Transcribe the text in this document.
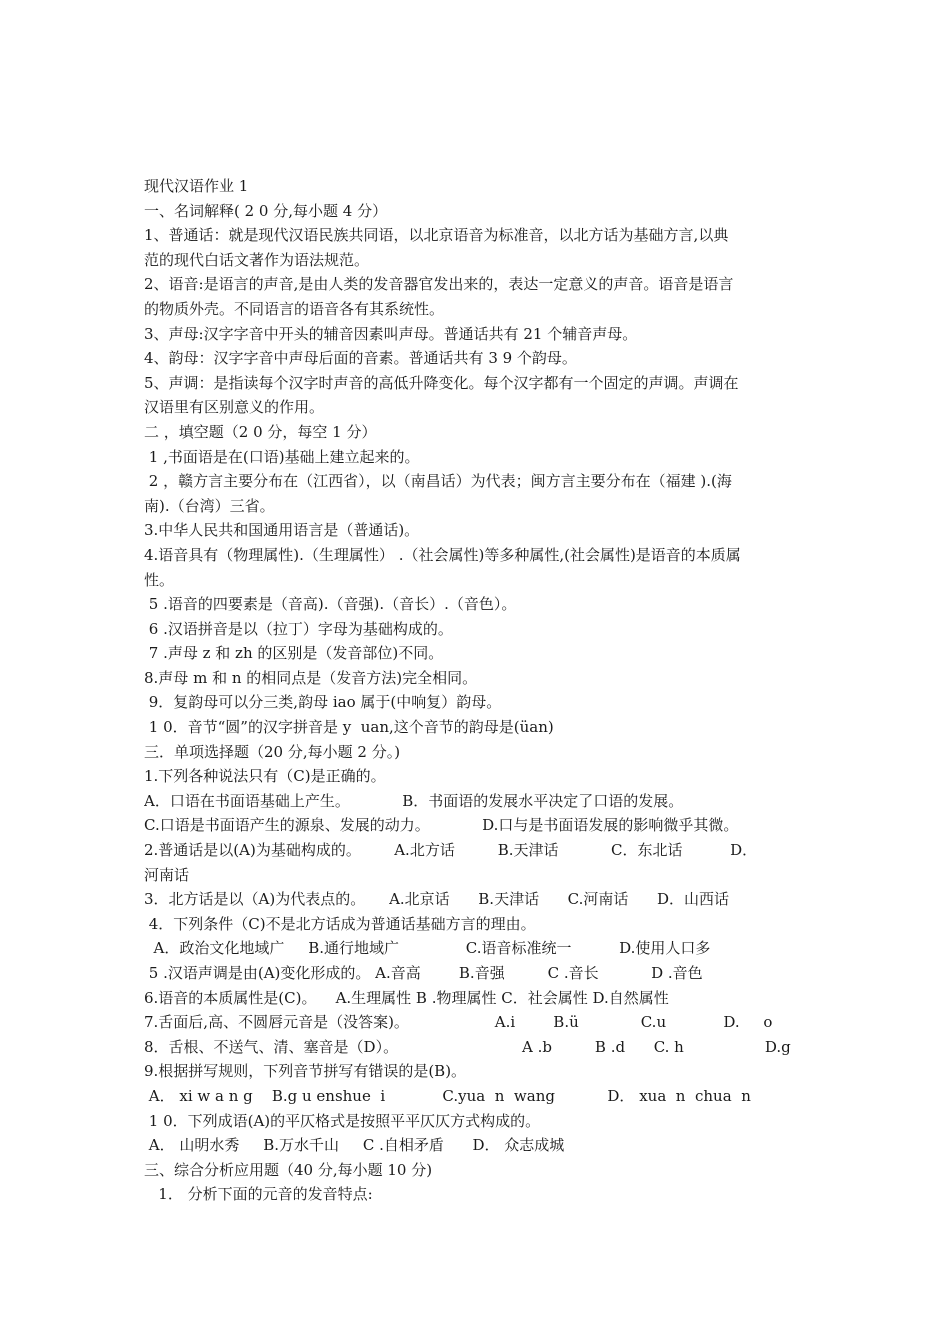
现代汉语作业 1
一、名词解释( 2 0 分,每小题 4 分）
1、普通话：就是现代汉语民族共同语，以北京语音为标准音，以北方话为基础方言,以典
范的现代白话文著作为语法规范。
2、语音:是语言的声音,是由人类的发音器官发出来的，表达一定意义的声音。语音是语言
的物质外壳。不同语言的语音各有其系统性。
3、声母:汉字字音中开头的辅音因素叫声母。普通话共有 21 个辅音声母。
4、韵母：汉字字音中声母后面的音素。普通话共有 3 9 个韵母。
5、声调：是指读每个汉字时声音的高低升降变化。每个汉字都有一个固定的声调。声调在
汉语里有区别意义的作用。
二 ，填空题（2 0 分，每空 1 分）
1 ,书面语是在(口语)基础上建立起来的。
2 ，赣方言主要分布在（江西省），以（南昌话）为代表；闽方言主要分布在（福建 ).(海
南).（台湾）三省。
3.中华人民共和国通用语言是（普通话)。
4.语音具有（物理属性).（生理属性） .（社会属性)等多种属性,(社会属性)是语音的本质属
性。
5 .语音的四要素是（音高).（音强).（音长）.（音色）。
6 .汉语拼音是以（拉丁）字母为基础构成的。
7 .声母 z 和 zh 的区别是（发音部位)不同。
8.声母 m 和 n 的相同点是（发音方法)完全相同。
9．复韵母可以分三类,韵母 iao 属于(中响复）韵母。
1 0．音节“圆”的汉字拼音是 y  uan,这个音节的韵母是(üan)
三．单项选择题（20 分,每小题 2 分。)
1.下列各种说法只有（C)是正确的。
A．口语在书面语基础上产生。           B．书面语的发展水平决定了口语的发展。
C.口语是书面语产生的源泉、发展的动力。           D.口与是书面语发展的影响微乎其微。
2.普通话是以(A)为基础构成的。       A.北方话         B.天津话           C．东北话          D．
河南话
3．北方话是以（A)为代表点的。     A.北京话      B.天津话      C.河南话      D．山西话
4．下列条件（C)不是北方话成为普通话基础方言的理由。
A．政治文化地域广     B.通行地域广              C.语音标准统一          D.使用人口多
5 .汉语声调是由(A)变化形成的。 A.音高        B.音强         C .音长           D .音色
6.语音的本质属性是(C)。    A.生理属性 B .物理属性 C．社会属性 D.自然属性
7.舌面后,高、不圆唇元音是（没答案)。                  A.i        B.ü             C.u            D.     o
8．舌根、不送气、清、塞音是（D）。                          A .b         B .d      C. h                 D.g
9.根据拼写规则，下列音节拼写有错误的是(B)。
A． xi w a n g    B.g u enshue  i            C.yua  n  wang           D． xua  n  chua  n
1 0．下列成语(A)的平仄格式是按照平平仄仄方式构成的。
A． 山明水秀     B.万水千山     C .自相矛盾      D． 众志成城
三、综合分析应用题（40 分,每小题 10 分)
1． 分析下面的元音的发音特点:
